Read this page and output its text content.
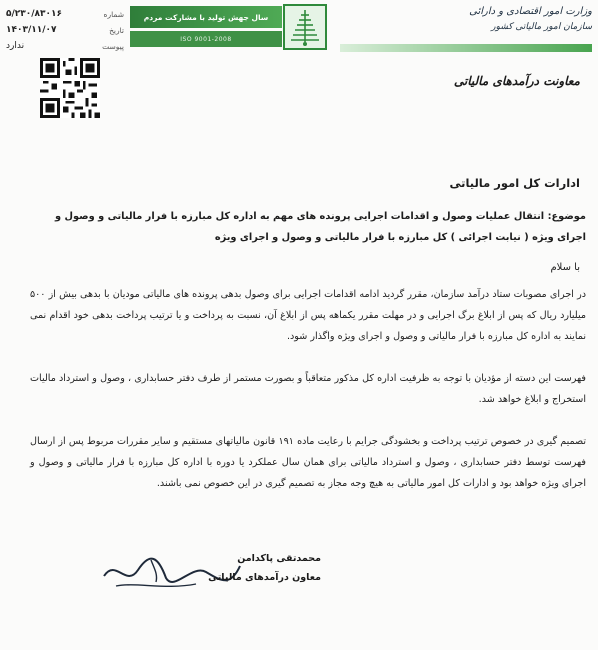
شماره
۵/۲۳۰/۸۳۰۱۶
تاریخ
۱۴۰۳/۱۱/۰۷
پیوست
ندارد
سال جهش تولید با مشارکت مردم
ISO 9001-2008
وزارت امور اقتصادی و دارائی
سازمان امور مالیاتی کشور
معاونت درآمدهای مالیاتی
ادارات کل امور مالیاتی
موضوع: انتقال عملیات وصول و اقدامات اجرایی پرونده های مهم به اداره کل مبارزه با فرار مالیاتی و وصول و اجرای ویژه ( نیابت اجرائی ) کل مبارزه با فرار مالیاتی و وصول و اجرای ویژه
با سلام
در اجرای مصوبات ستاد درآمد سازمان، مقرر گردید ادامه اقدامات اجرایی برای وصول بدهی پرونده های مالیاتی مودیان با بدهی بیش از ۵۰۰ میلیارد ریال که پس از ابلاغ برگ اجرایی و در مهلت مقرر یکماهه پس از ابلاغ آن، نسبت به پرداخت و یا ترتیب پرداخت بدهی خود اقدام نمی نمایند به اداره کل مبارزه با فرار مالیاتی و وصول و اجرای ویژه واگذار شود.
فهرست این دسته از مؤدیان با توجه به ظرفیت اداره کل مذکور متعاقباً و بصورت مستمر از طرف دفتر حسابداری ، وصول و استرداد مالیات استخراج و ابلاغ خواهد شد.
تصمیم گیری در خصوص ترتیب پرداخت و بخشودگی جرایم با رعایت ماده ۱۹۱ قانون مالیاتهای مستقیم و سایر مقررات مربوط پس از ارسال فهرست توسط دفتر حسابداری ، وصول و استرداد مالیاتی برای همان سال عملکرد یا دوره با اداره کل مبارزه با فرار مالیاتی و وصول و اجرای ویژه خواهد بود و ادارات کل امور مالیاتی به هیچ وجه مجاز به تصمیم گیری در این خصوص نمی باشند.
محمدتقی پاکدامن
معاون درآمدهای مالیاتی
